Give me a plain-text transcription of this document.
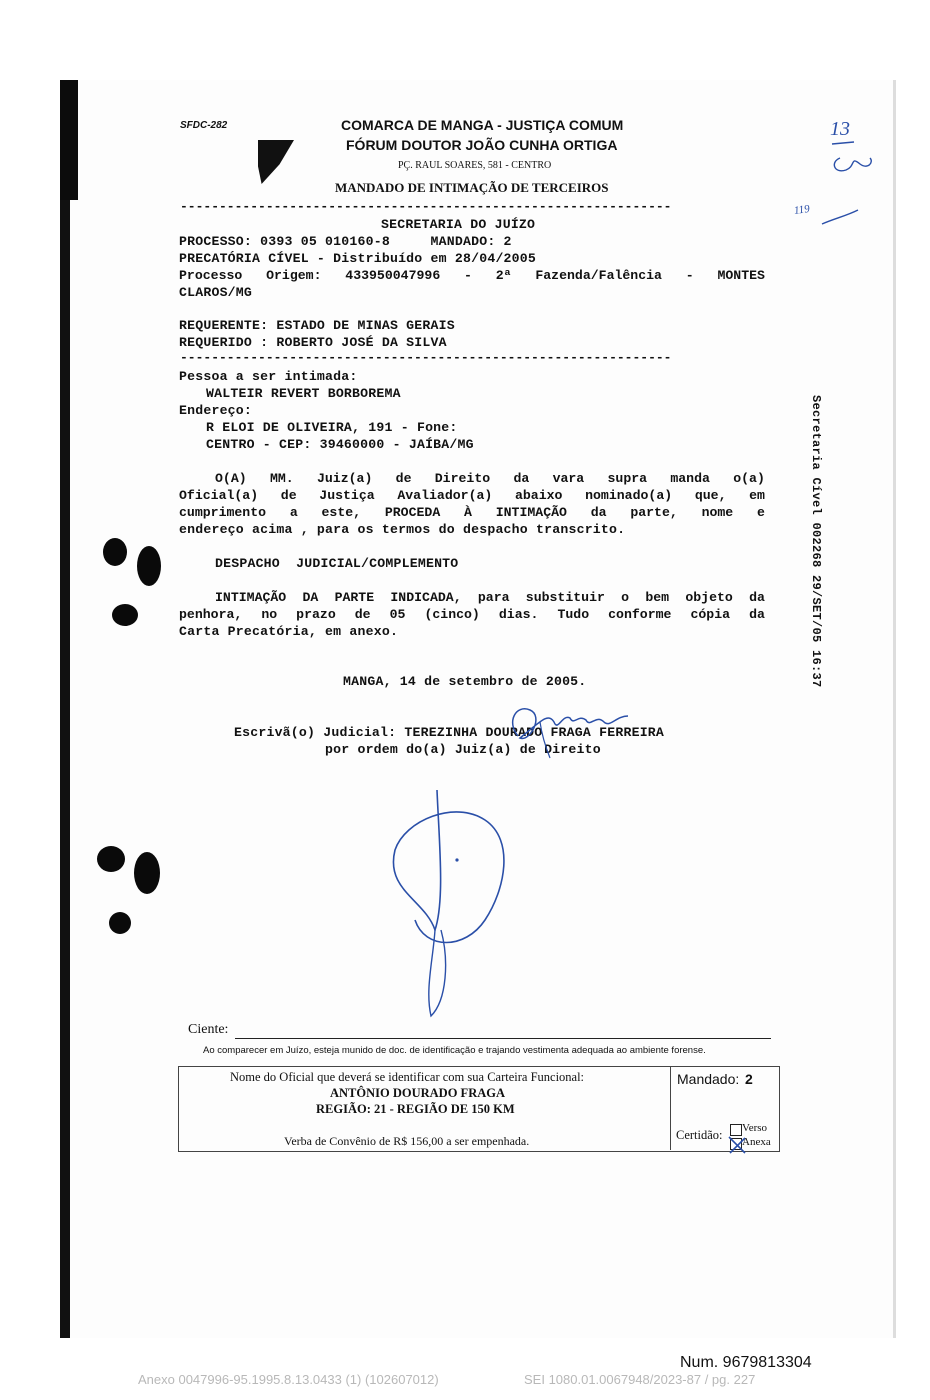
SFDC-282	COMARCA DE MANGA - JUSTIÇA COMUM
FÓRUM DOUTOR JOÃO CUNHA ORTIGA
PÇ. RAUL SOARES, 581 - CENTRO
MANDADO DE INTIMAÇÃO DE TERCEIROS
13
119
---------------------------------------------------------------
---------------------------------------------------------------
SECRETARIA DO JUÍZO
PROCESSO: 0393 05 010160-8     MANDADO: 2
PRECATÓRIA CÍVEL - Distribuído em 28/04/2005
Processo Origem: 433950047996 - 2ª Fazenda/Falência - MONTES
CLAROS/MG
REQUERENTE: ESTADO DE MINAS GERAIS
REQUERIDO : ROBERTO JOSÉ DA SILVA
Pessoa a ser intimada:
WALTEIR REVERT BORBOREMA
Endereço:
R ELOI DE OLIVEIRA, 191 - Fone:
CENTRO - CEP: 39460000 - JAÍBA/MG
O(A) MM. Juiz(a) de Direito da vara supra manda o(a)
Oficial(a) de Justiça Avaliador(a) abaixo nominado(a) que, em
cumprimento a este, PROCEDA À INTIMAÇÃO da parte, nome e
endereço acima , para os termos do despacho transcrito.
DESPACHO  JUDICIAL/COMPLEMENTO
INTIMAÇÃO DA PARTE INDICADA, para substituir o bem objeto da
penhora, no prazo de 05 (cinco) dias. Tudo conforme cópia da
Carta Precatória, em anexo.
MANGA, 14 de setembro de 2005.
Escrivã(o) Judicial: TEREZINHA DOURADO FRAGA FERREIRA
por ordem do(a) Juiz(a) de Direito
Secretaria Cível 002268 29/SET/05 16:37
Ciente:
Ao comparecer em Juízo, esteja munido de doc. de identificação e trajando vestimenta adequada ao ambiente forense.
Nome do Oficial que deverá se identificar com sua Carteira Funcional:
ANTÔNIO DOURADO FRAGA
REGIÃO: 21 - REGIÃO DE 150 KM
Verba de Convênio de R$ 156,00 a ser empenhada.
Mandado: 2
Certidão: Verso
Anexa
Num. 9679813304
Anexo 0047996-95.1995.8.13.0433 (1) (102607012)	SEI 1080.01.0067948/2023-87 / pg. 227
